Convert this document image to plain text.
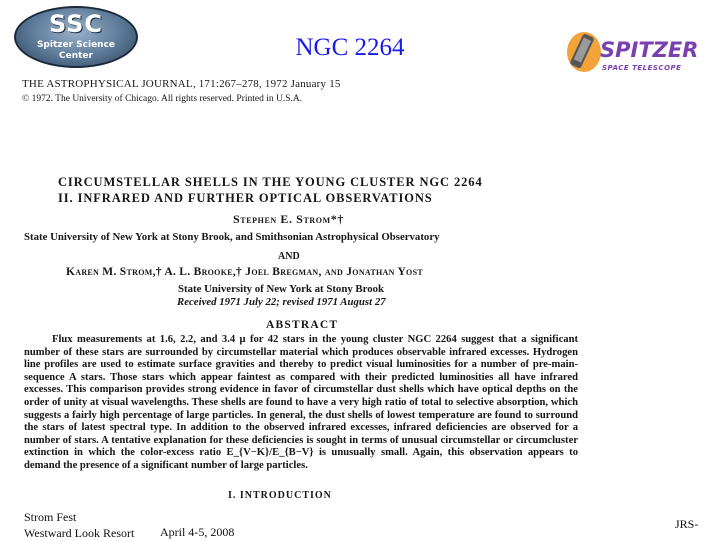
SSC
Spitzer Science
Center	NGC 2264	SPITZER
SPACE TELESCOPE
THE ASTROPHYSICAL JOURNAL, 171:267–278, 1972 January 15
© 1972. The University of Chicago. All rights reserved. Printed in U.S.A.
CIRCUMSTELLAR SHELLS IN THE YOUNG CLUSTER NGC 2264
II. INFRARED AND FURTHER OPTICAL OBSERVATIONS
Stephen E. Strom*†
State University of New York at Stony Brook, and Smithsonian Astrophysical Observatory
AND
Karen M. Strom,† A. L. Brooke,† Joel Bregman, and Jonathan Yost
State University of New York at Stony Brook
Received 1971 July 22; revised 1971 August 27
ABSTRACT
Flux measurements at 1.6, 2.2, and 3.4 μ for 42 stars in the young cluster NGC 2264 suggest that a significant number of these stars are surrounded by circumstellar material which produces observable infrared excesses. Hydrogen line profiles are used to estimate surface gravities and thereby to predict visual luminosities for a number of pre-main-sequence A stars. Those stars which appear faintest as compared with their predicted luminosities all have infrared excesses. This comparison provides strong evidence in favor of circumstellar dust shells which have optical depths on the order of unity at visual wavelengths. These shells are found to have a very high ratio of total to selective absorption, which suggests a fairly high percentage of large particles. In general, the dust shells of lowest temperature are found to surround the stars of latest spectral type. In addition to the observed infrared excesses, infrared deficiencies are observed for a number of stars. A tentative explanation for these deficiencies is sought in terms of unusual circumstellar or circumcluster extinction in which the color-excess ratio E_{V−K}/E_{B−V} is unusually small. Again, this observation appears to demand the presence of a significant number of large particles.
I. INTRODUCTION
Strom Fest
Westward Look Resort April 4-5, 2008
JRS-
